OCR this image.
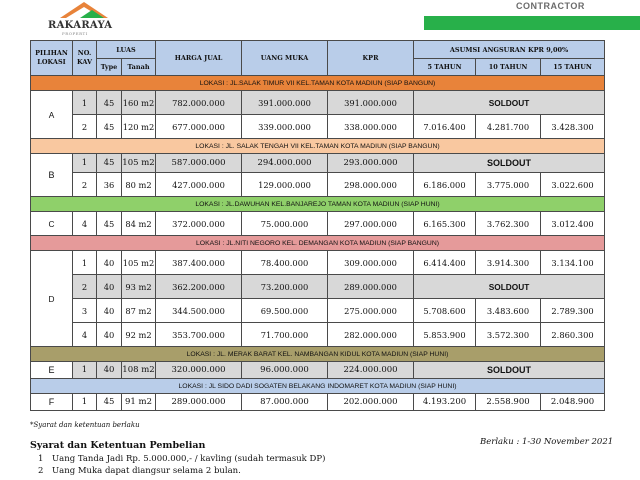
RAKARAYA
PROPERTI
CONTRACTOR
PILIHAN LOKASI	NO. KAV	LUAS		HARGA JUAL	UANG MUKA	KPR	ASUMSI ANGSURAN KPR 9,00%		
		Type	Tanah				5 TAHUN	10 TAHUN	15 TAHUN
LOKASI : JL.SALAK TIMUR VII KEL.TAMAN KOTA MADIUN (SIAP BANGUN)									
A	1	45	160 m2	782.000.000	391.000.000	391.000.000	SOLDOUT		
	2	45	120 m2	677.000.000	339.000.000	338.000.000	7.016.400	4.281.700	3.428.300
LOKASI : JL. SALAK TENGAH VII KEL.TAMAN KOTA MADIUN (SIAP BANGUN)									
B	1	45	105 m2	587.000.000	294.000.000	293.000.000	SOLDOUT		
	2	36	80 m2	427.000.000	129.000.000	298.000.000	6.186.000	3.775.000	3.022.600
LOKASI : JL.DAWUHAN KEL.BANJAREJO TAMAN KOTA MADIUN (SIAP HUNI)									
C	4	45	84 m2	372.000.000	75.000.000	297.000.000	6.165.300	3.762.300	3.012.400
LOKASI : JL.NITI NEGORO KEL. DEMANGAN KOTA MADIUN (SIAP BANGUN)									
D	1	40	105 m2	387.400.000	78.400.000	309.000.000	6.414.400	3.914.300	3.134.100
	2	40	93 m2	362.200.000	73.200.000	289.000.000	SOLDOUT		
	3	40	87 m2	344.500.000	69.500.000	275.000.000	5.708.600	3.483.600	2.789.300
	4	40	92 m2	353.700.000	71.700.000	282.000.000	5.853.900	3.572.300	2.860.300
LOKASI : JL. MERAK BARAT KEL. NAMBANGAN KIDUL KOTA MADIUN (SIAP HUNI)									
E	1	40	108 m2	320.000.000	96.000.000	224.000.000	SOLDOUT		
LOKASI : JL SIDO DADI SOGATEN BELAKANG INDOMARET KOTA MADIUN (SIAP HUNI)									
F	1	45	91 m2	289.000.000	87.000.000	202.000.000	4.193.200	2.558.900	2.048.900
*Syarat dan ketentuan berlaku
Berlaku : 1-30 November 2021
Syarat dan Ketentuan Pembelian
1 Uang Tanda Jadi Rp. 5.000.000,- / kavling (sudah termasuk DP)
2 Uang Muka dapat diangsur selama 2 bulan.
